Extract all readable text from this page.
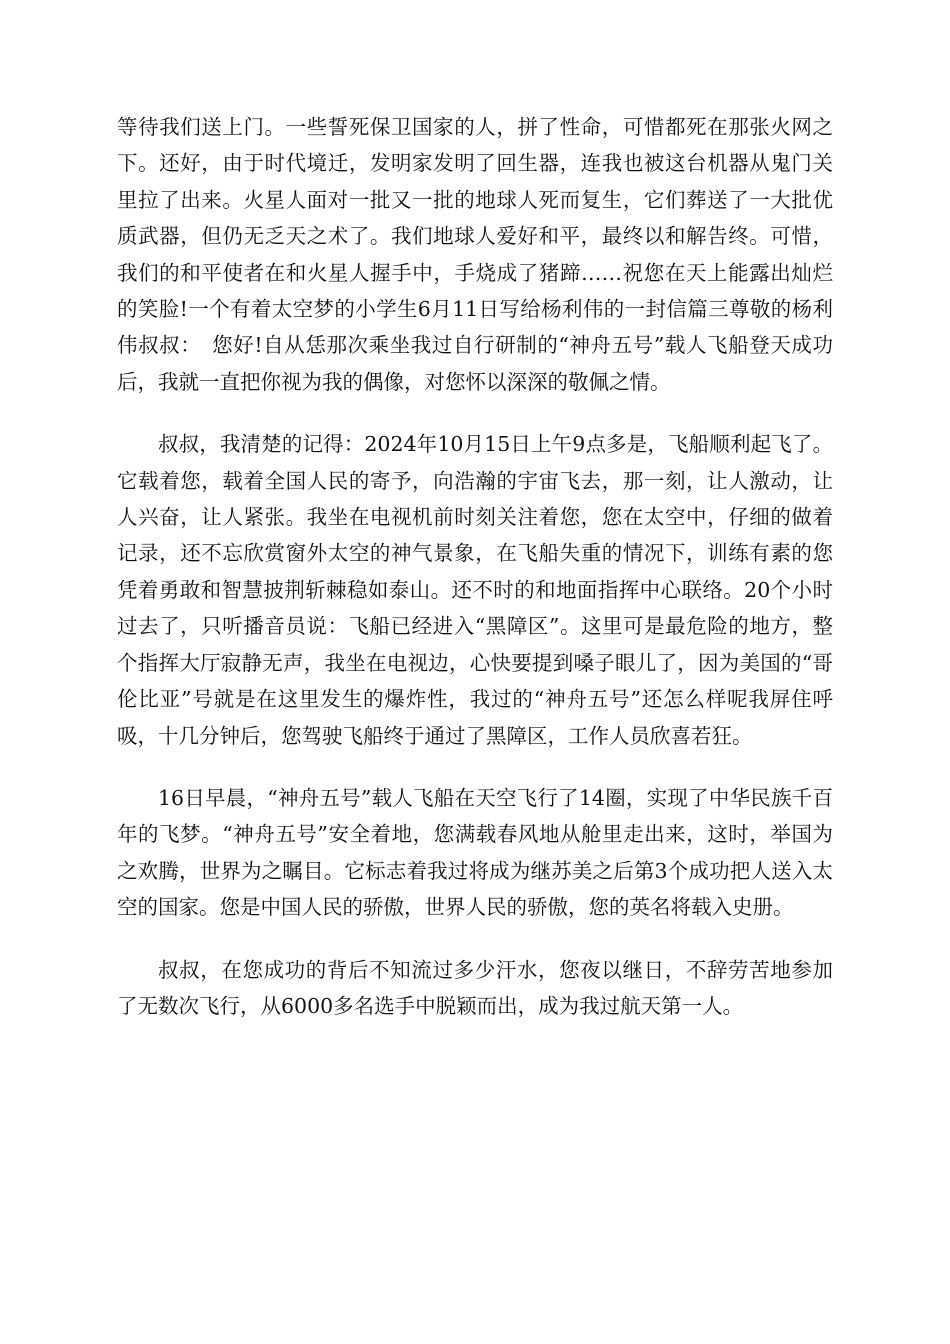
等待我们送上门。一些誓死保卫国家的人，拼了性命，可惜都死在那张火网之下。还好，由于时代境迁，发明家发明了回生器，连我也被这台机器从鬼门关里拉了出来。火星人面对一批又一批的地球人死而复生，它们葬送了一大批优质武器，但仍无乏天之术了。我们地球人爱好和平，最终以和解告终。可惜，我们的和平使者在和火星人握手中，手烧成了猪蹄……祝您在天上能露出灿烂的笑脸!一个有着太空梦的小学生6月11日写给杨利伟的一封信篇三尊敬的杨利伟叔叔：　您好!自从恁那次乘坐我过自行研制的“神舟五号”载人飞船登天成功后，我就一直把你视为我的偶像，对您怀以深深的敬佩之情。

叔叔，我清楚的记得：2024年10月15日上午9点多是，飞船顺利起飞了。它载着您，载着全国人民的寄予，向浩瀚的宇宙飞去，那一刻，让人激动，让人兴奋，让人紧张。我坐在电视机前时刻关注着您，您在太空中，仔细的做着记录，还不忘欣赏窗外太空的神气景象，在飞船失重的情况下，训练有素的您凭着勇敢和智慧披荆斩棘稳如泰山。还不时的和地面指挥中心联络。20个小时过去了，只听播音员说：飞船已经进入“黑障区”。这里可是最危险的地方，整个指挥大厅寂静无声，我坐在电视边，心快要提到嗓子眼儿了，因为美国的“哥伦比亚”号就是在这里发生的爆炸性，我过的“神舟五号”还怎么样呢我屏住呼吸，十几分钟后，您驾驶飞船终于通过了黑障区，工作人员欣喜若狂。

16日早晨，“神舟五号”载人飞船在天空飞行了14圈，实现了中华民族千百年的飞梦。“神舟五号”安全着地，您满载春风地从舱里走出来，这时，举国为之欢腾，世界为之瞩目。它标志着我过将成为继苏美之后第3个成功把人送入太空的国家。您是中国人民的骄傲，世界人民的骄傲，您的英名将载入史册。

叔叔，在您成功的背后不知流过多少汗水，您夜以继日，不辞劳苦地参加了无数次飞行，从6000多名选手中脱颖而出，成为我过航天第一人。
